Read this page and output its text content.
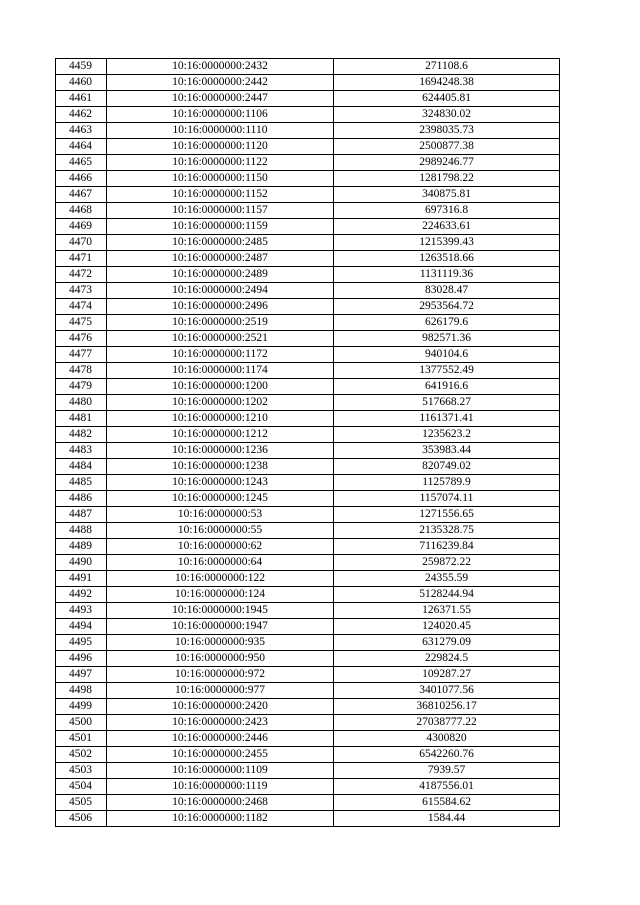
4459	10:16:0000000:2432	271108.6
4460	10:16:0000000:2442	1694248.38
4461	10:16:0000000:2447	624405.81
4462	10:16:0000000:1106	324830.02
4463	10:16:0000000:1110	2398035.73
4464	10:16:0000000:1120	2500877.38
4465	10:16:0000000:1122	2989246.77
4466	10:16:0000000:1150	1281798.22
4467	10:16:0000000:1152	340875.81
4468	10:16:0000000:1157	697316.8
4469	10:16:0000000:1159	224633.61
4470	10:16:0000000:2485	1215399.43
4471	10:16:0000000:2487	1263518.66
4472	10:16:0000000:2489	1131119.36
4473	10:16:0000000:2494	83028.47
4474	10:16:0000000:2496	2953564.72
4475	10:16:0000000:2519	626179.6
4476	10:16:0000000:2521	982571.36
4477	10:16:0000000:1172	940104.6
4478	10:16:0000000:1174	1377552.49
4479	10:16:0000000:1200	641916.6
4480	10:16:0000000:1202	517668.27
4481	10:16:0000000:1210	1161371.41
4482	10:16:0000000:1212	1235623.2
4483	10:16:0000000:1236	353983.44
4484	10:16:0000000:1238	820749.02
4485	10:16:0000000:1243	1125789.9
4486	10:16:0000000:1245	1157074.11
4487	10:16:0000000:53	1271556.65
4488	10:16:0000000:55	2135328.75
4489	10:16:0000000:62	7116239.84
4490	10:16:0000000:64	259872.22
4491	10:16:0000000:122	24355.59
4492	10:16:0000000:124	5128244.94
4493	10:16:0000000:1945	126371.55
4494	10:16:0000000:1947	124020.45
4495	10:16:0000000:935	631279.09
4496	10:16:0000000:950	229824.5
4497	10:16:0000000:972	109287.27
4498	10:16:0000000:977	3401077.56
4499	10:16:0000000:2420	36810256.17
4500	10:16:0000000:2423	27038777.22
4501	10:16:0000000:2446	4300820
4502	10:16:0000000:2455	6542260.76
4503	10:16:0000000:1109	7939.57
4504	10:16:0000000:1119	4187556.01
4505	10:16:0000000:2468	615584.62
4506	10:16:0000000:1182	1584.44
